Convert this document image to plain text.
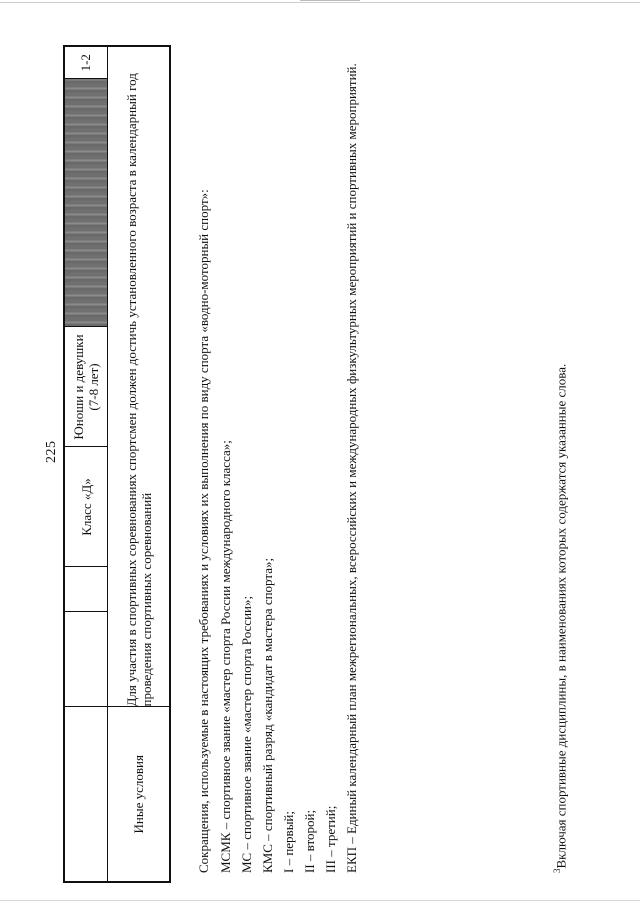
225
			Класс «Д»	Юноши и девушки (7-8 лет)		1-2
Иные условия	Для участия в спортивных соревнованиях спортсмен должен достичь установленного возраста в календарный год проведения спортивных соревнований						Сокращения, используемые в настоящих требованиях и условиях их выполнения по виду спорта «водно-моторный спорт»: МСМК – спортивное звание «мастер спорта России международного класса»; МС – спортивное звание «мастер спорта России»; КМС – спортивный разряд «кандидат в мастера спорта»; I – первый; II – второй; III – третий; ЕКП – Единый календарный план межрегиональных, всероссийских и международных физкультурных мероприятий и спортивных мероприятий.	$^3$Включая спортивные дисциплины, в наименованиях которых содержатся указанные слова.
